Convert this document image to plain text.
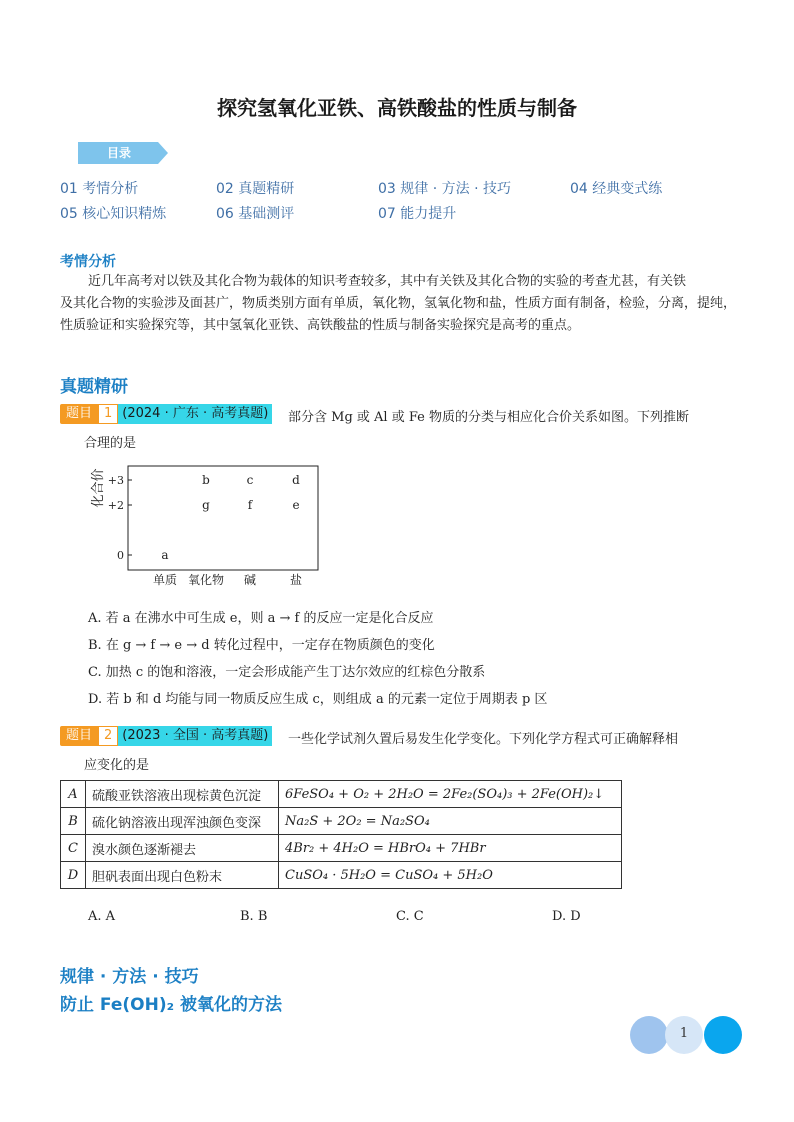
探究氢氧化亚铁、高铁酸盐的性质与制备
目录
01 考情分析	02 真题精研	03 规律 · 方法 · 技巧	04 经典变式练
05 核心知识精炼	06 基础测评	07 能力提升
考情分析
近几年高考对以铁及其化合物为载体的知识考查较多，其中有关铁及其化合物的实验的考查尤甚，有关铁
及其化合物的实验涉及面甚广，物质类别方面有单质，氧化物，氢氧化物和盐，性质方面有制备，检验，分离，提纯，
性质验证和实验探究等，其中氢氧化亚铁、高铁酸盐的性质与制备实验探究是高考的重点。
真题精研
题目 1 (2024 · 广东 · 高考真题)	部分含 Mg 或 Al 或 Fe 物质的分类与相应化合价关系如图。下列推断
合理的是
化合价 +3
+2
0
单质 氧化物 碱	盐
a
b	c	d
g	f	e
A. 若 a 在沸水中可生成 e，则 a → f 的反应一定是化合反应
B. 在 g → f → e → d 转化过程中，一定存在物质颜色的变化
C. 加热 c 的饱和溶液，一定会形成能产生丁达尔效应的红棕色分散系
D. 若 b 和 d 均能与同一物质反应生成 c，则组成 a 的元素一定位于周期表 p 区
题目 2 (2023 · 全国 · 高考真题)	一些化学试剂久置后易发生化学变化。下列化学方程式可正确解释相
应变化的是
A	硫酸亚铁溶液出现棕黄色沉淀	6FeSO₄ + O₂ + 2H₂O = 2Fe₂(SO₄)₃ + 2Fe(OH)₂↓
B	硫化钠溶液出现浑浊颜色变深	Na₂S + 2O₂ = Na₂SO₄
C	溴水颜色逐渐褪去	4Br₂ + 4H₂O = HBrO₄ + 7HBr
D	胆矾表面出现白色粉末	CuSO₄ · 5H₂O = CuSO₄ + 5H₂O
A. A	B. B	C. C	D. D
规律 · 方法 · 技巧
防止 Fe(OH)₂ 被氧化的方法
1
